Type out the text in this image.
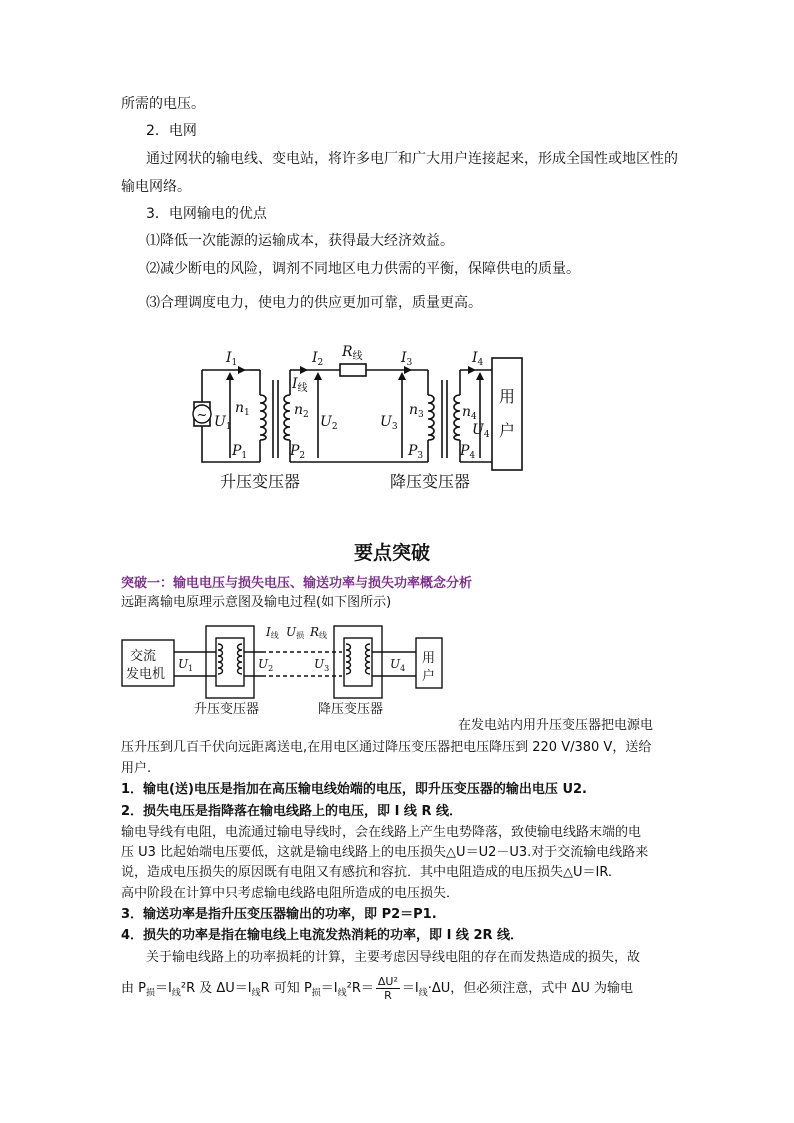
所需的电压。
2．电网
通过网状的输电线、变电站，将许多电厂和广大用户连接起来，形成全国性或地区性的
输电网络。
3．电网输电的优点
⑴降低一次能源的运输成本，获得最大经济效益。
⑵减少断电的风险，调剂不同地区电力供需的平衡，保障供电的质量。
⑶合理调度电力，使电力的供应更加可靠，质量更高。
~
$I_1$
$n_1$
$U_1$
$P_1$
$I_2$
$I_线$
$n_2$ $U_2$
$P_2$
$R_线$	$I_3$
$U_3$
$n_3$
$P_3$
$I_4$
$n_4$
$U_4$
$P_4$
用
户
升压变压器	降压变压器
要点突破
突破一：输电电压与损失电压、输送功率与损失功率概念分析
远距离输电原理示意图及输电过程(如下图所示)
交流
发电机
用
户
升压变压器	降压变压器
$U_1$	$U_2$	$U_3$	$U_4$
I线 U损 R线
在发电站内用升压变压器把电源电
压升压到几百千伏向远距离送电,在用电区通过降压变压器把电压降压到 220 V/380 V，送给
用户.
1．输电(送)电压是指加在高压输电线始端的电压，即升压变压器的输出电压 U2.
2．损失电压是指降落在输电线路上的电压，即 I 线 R 线．
输电导线有电阻，电流通过输电导线时，会在线路上产生电势降落，致使输电线路末端的电
压 U3 比起始端电压要低，这就是输电线路上的电压损失△U＝U2－U3.对于交流输电线路来
说，造成电压损失的原因既有电阻又有感抗和容抗．其中电阻造成的电压损失△U＝IR.
高中阶段在计算中只考虑输电线路电阻所造成的电压损失．
3．输送功率是指升压变压器输出的功率，即 P2＝P1.
4．损失的功率是指在输电线上电流发热消耗的功率，即 I 线 2R 线．
关于输电线路上的功率损耗的计算，主要考虑因导线电阻的存在而发热造成的损失，故
由 $P_损=I_线^2R$ 及 $\Delta U=I_线R$ 可知 $P_损=I_线^2R= \frac{\text{ΔU²}}{R} =I_线\cdot\Delta U$，但必须注意，式中 ΔU 为输电
